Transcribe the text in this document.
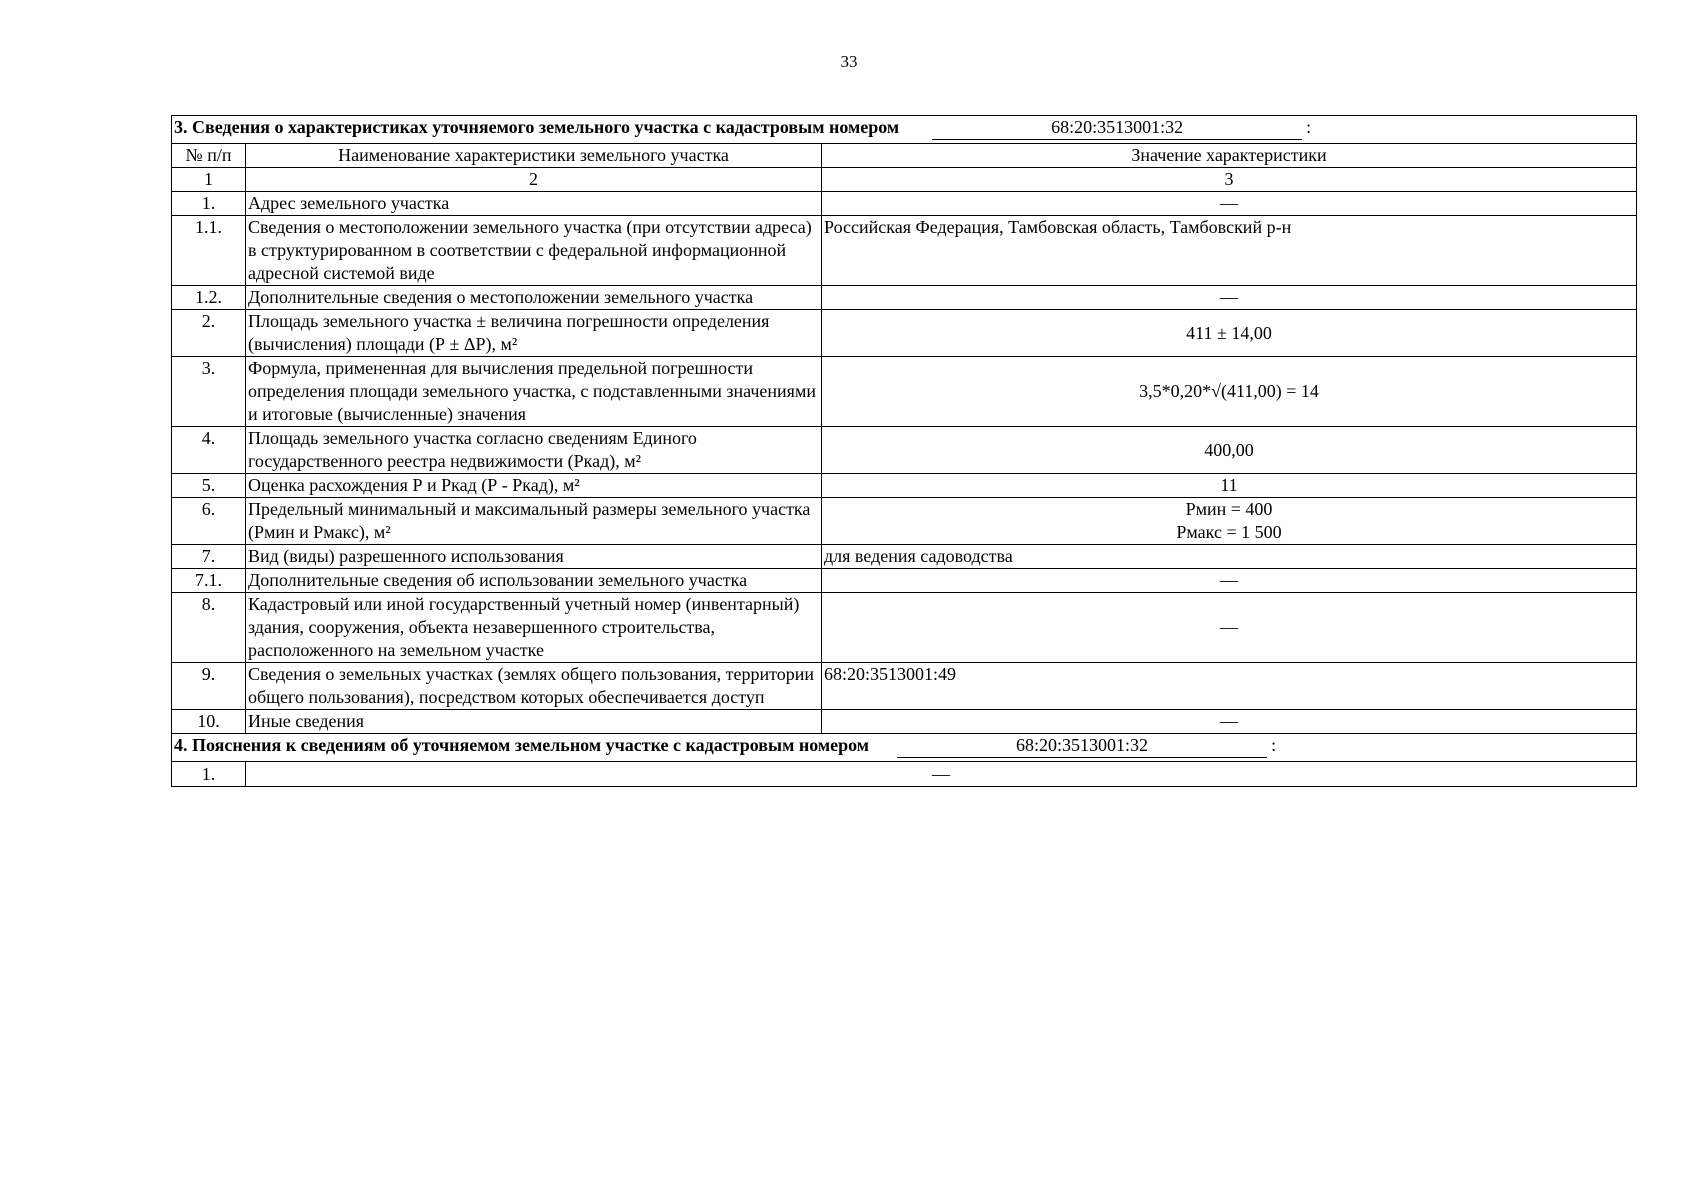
33
3. Сведения о характеристиках уточняемого земельного участка с кадастровым номером 68:20:3513001:32 :		
№ п/п	Наименование характеристики земельного участка	Значение характеристики
1	2	3
1.	Адрес земельного участка	—
1.1.	Сведения о местоположении земельного участка (при отсутствии адреса) в структурированном в соответствии с федеральной информационной адресной системой виде	Российская Федерация, Тамбовская область, Тамбовский р-н
1.2.	Дополнительные сведения о местоположении земельного участка	—
2.	Площадь земельного участка ± величина погрешности определения (вычисления) площади (Р ± ΔР), м²	411 ± 14,00
3.	Формула, примененная для вычисления предельной погрешности определения площади земельного участка, с подставленными значениями и итоговые (вычисленные) значения	3,5*0,20*√(411,00) = 14
4.	Площадь земельного участка согласно сведениям Единого государственного реестра недвижимости (Ркад), м²	400,00
5.	Оценка расхождения Р и Ркад (Р - Ркад), м²	11
6.	Предельный минимальный и максимальный размеры земельного участка (Рмин и Рмакс), м²	Рмин = 400
Рмакс = 1 500

7.	Вид (виды) разрешенного использования	для ведения садоводства
7.1.	Дополнительные сведения об использовании земельного участка	—
8.	Кадастровый или иной государственный учетный номер (инвентарный) здания, сооружения, объекта незавершенного строительства, расположенного на земельном участке	—
9.	Сведения о земельных участках (землях общего пользования, территории общего пользования), посредством которых обеспечивается доступ	68:20:3513001:49
10.	Иные сведения	—
4. Пояснения к сведениям об уточняемом земельном участке с кадастровым номером 68:20:3513001:32 :		
1.	—	
